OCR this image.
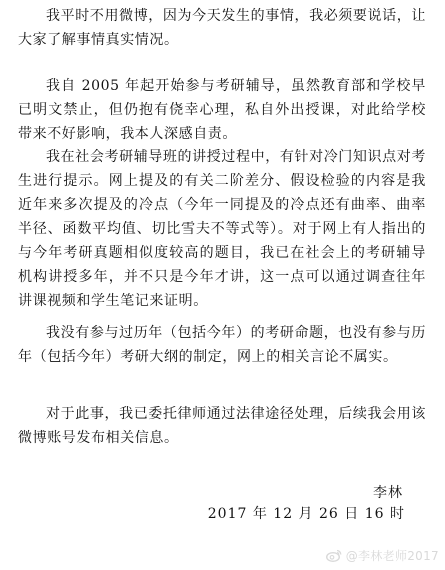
我平时不用微博，因为今天发生的事情，我必须要说话，让大家了解事情真实情况。

我自 2005 年起开始参与考研辅导，虽然教育部和学校早已明文禁止，但仍抱有侥幸心理，私自外出授课，对此给学校带来不好影响，我本人深感自责。

我在社会考研辅导班的讲授过程中，有针对冷门知识点对考生进行提示。网上提及的有关二阶差分、假设检验的内容是我近年来多次提及的冷点（今年一同提及的冷点还有曲率、曲率半径、函数平均值、切比雪夫不等式等）。对于网上有人指出的与今年考研真题相似度较高的题目，我已在社会上的考研辅导机构讲授多年，并不只是今年才讲，这一点可以通过调查往年讲课视频和学生笔记来证明。

我没有参与过历年（包括今年）的考研命题，也没有参与历年（包括今年）考研大纲的制定，网上的相关言论不属实。

对于此事，我已委托律师通过法律途径处理，后续我会用该微博账号发布相关信息。

李林

2017 年 12 月 26 日 16 时

@李林老师2017
